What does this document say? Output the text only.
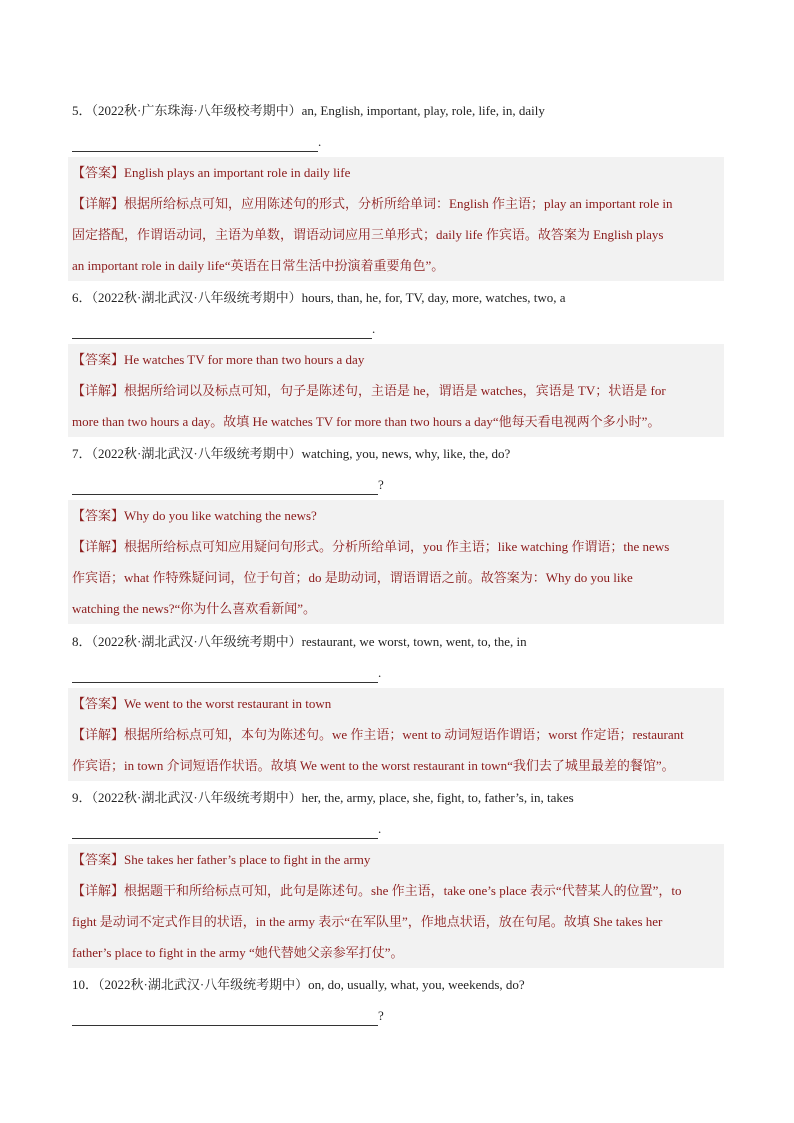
5．（2022秋·广东珠海·八年级校考期中）an, English, important, play, role, life, in, daily
.

【答案】English plays an important role in daily life

【详解】根据所给标点可知，应用陈述句的形式，分析所给单词：English 作主语；play an important role in

固定搭配，作谓语动词，主语为单数，谓语动词应用三单形式；daily life 作宾语。故答案为 English plays

an important role in daily life“英语在日常生活中扮演着重要角色”。

6．（2022秋·湖北武汉·八年级统考期中）hours, than, he, for, TV, day, more, watches, two, a
.

【答案】He watches TV for more than two hours a day

【详解】根据所给词以及标点可知，句子是陈述句，主语是 he，谓语是 watches，宾语是 TV；状语是 for

more than two hours a day。故填 He watches TV for more than two hours a day“他每天看电视两个多小时”。

7．（2022秋·湖北武汉·八年级统考期中）watching, you, news, why, like, the, do?
?

【答案】Why do you like watching the news?

【详解】根据所给标点可知应用疑问句形式。分析所给单词，you 作主语；like watching 作谓语；the news

作宾语；what 作特殊疑问词，位于句首；do 是助动词，谓语谓语之前。故答案为：Why do you like

watching the news?“你为什么喜欢看新闻”。

8．（2022秋·湖北武汉·八年级统考期中）restaurant, we worst, town, went, to, the, in
.

【答案】We went to the worst restaurant in town

【详解】根据所给标点可知，本句为陈述句。we 作主语；went to 动词短语作谓语；worst 作定语；restaurant

作宾语；in town 介词短语作状语。故填 We went to the worst restaurant in town“我们去了城里最差的餐馆”。

9．（2022秋·湖北武汉·八年级统考期中）her, the, army, place, she, fight, to, father’s, in, takes
.

【答案】She takes her father’s place to fight in the army

【详解】根据题干和所给标点可知，此句是陈述句。she 作主语，take one’s place 表示“代替某人的位置”，to

fight 是动词不定式作目的状语，in the army 表示“在军队里”，作地点状语，放在句尾。故填 She takes her

father’s place to fight in the army “她代替她父亲参军打仗”。

10．（2022秋·湖北武汉·八年级统考期中）on, do, usually, what, you, weekends, do?
?
